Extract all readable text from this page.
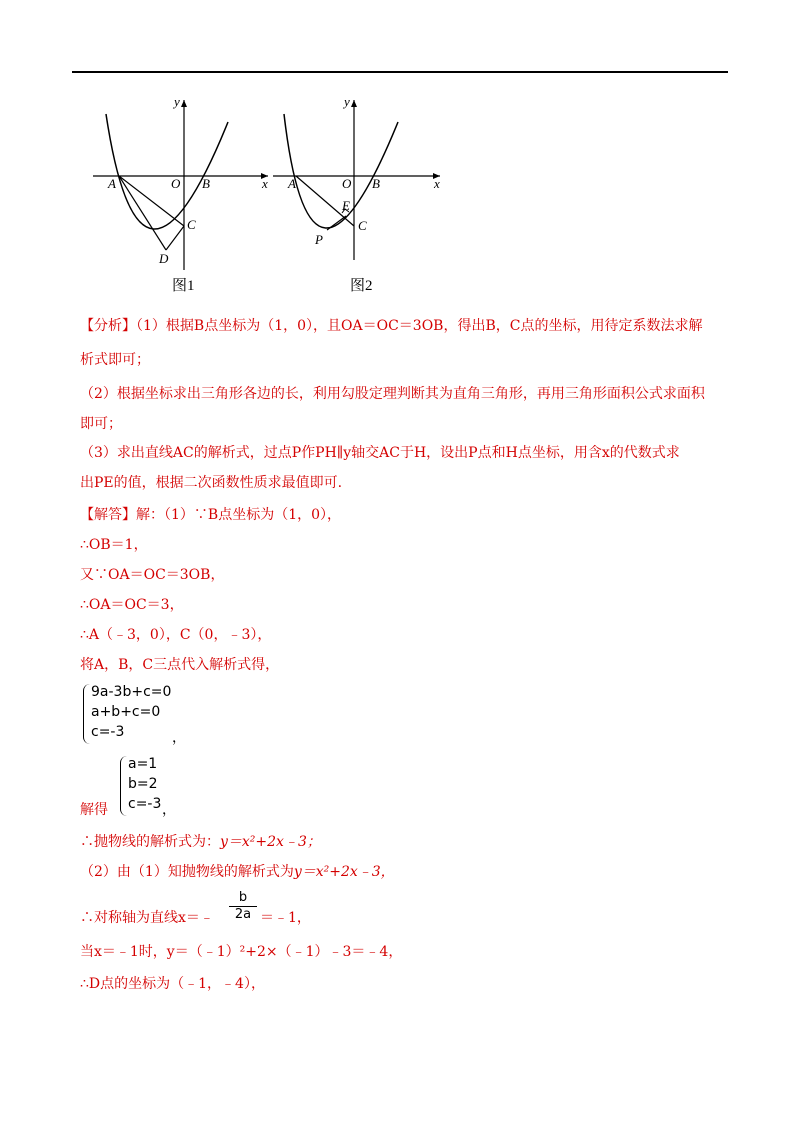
y
x
A	O B
C
D
图1
y
x
A	O B
E
C
P
图2
【分析】（1）根据B点坐标为（1，0），且OA＝OC＝3OB，得出B，C点的坐标，用待定系数法求解
析式即可；
（2）根据坐标求出三角形各边的长，利用勾股定理判断其为直角三角形，再用三角形面积公式求面积
即可；
（3）求出直线AC的解析式，过点P作PH∥y轴交AC于H，设出P点和H点坐标，用含x的代数式求
出PE的值，根据二次函数性质求最值即可.
【解答】解：（1）∵B点坐标为（1，0），
∴OB＝1，
又∵OA＝OC＝3OB，
∴OA＝OC＝3，
∴A（﹣3，0），C（0，﹣3），
将A，B，C三点代入解析式得，
9a-3b+c=0
a+b+c=0
c=-3	，
a=1
b=2
c=-3
解得	，
∴抛物线的解析式为：y＝x²+2x﹣3；
（2）由（1）知抛物线的解析式为y＝x²+2x﹣3，
∴对称轴为直线x＝﹣ $\frac{b}{2a}$ ＝﹣1，
当x＝﹣1时，y＝（﹣1）²+2×（﹣1）﹣3＝﹣4，
∴D点的坐标为（﹣1，﹣4），
